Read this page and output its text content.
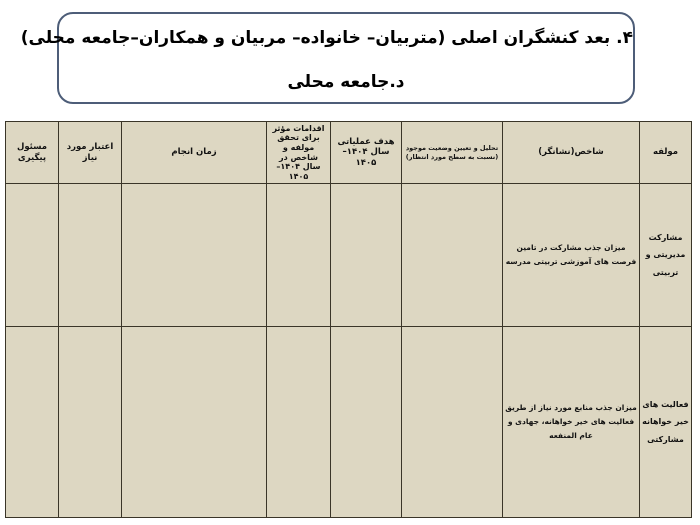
۴. بعد کنشگران اصلی (متربیان– خانواده– مربیان و همکاران–جامعه محلی)
د.جامعه محلی
مولفه	شاخص(نشانگر)	تحلیل و تعیین وضعیت موجود (نسبت به سطح مورد انتظار)	هدف عملیاتی سال ۱۴۰۴–۱۴۰۵	اقدامات مؤثر برای تحقق مولفه و شاخص در سال ۱۴۰۴–۱۴۰۵	زمان انجام	اعتبار مورد نیاز	مسئول پیگیری
مشارکت مدیریتی و تربیتی	میزان جذب مشارکت در تامین فرصت های آموزشی تربیتی مدرسه						
فعالیت های خیر خواهانه مشارکتی	میزان جذب منابع مورد نیاز از طریق فعالیت های خیر خواهانه، جهادی و عام المنفعه						
